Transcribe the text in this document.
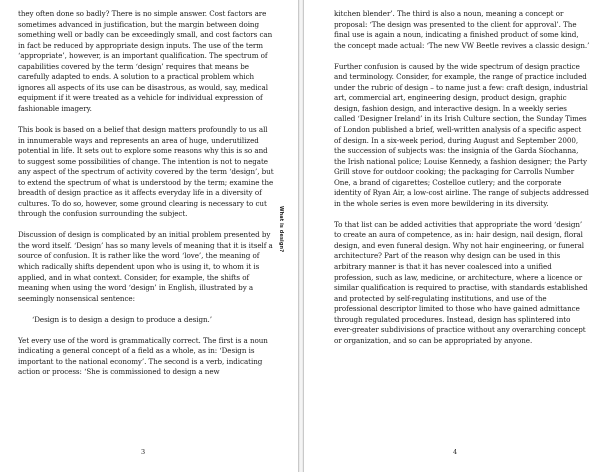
they often done so badly? There is no simple answer. Cost factors are sometimes advanced in justification, but the margin between doing something well or badly can be exceedingly small, and cost factors can in fact be reduced by appropriate design inputs. The use of the term ‘appropriate’, however, is an important qualification. The spectrum of capabilities covered by the term ‘design’ requires that means be carefully adapted to ends. A solution to a practical problem which ignores all aspects of its use can be disastrous, as would, say, medical equipment if it were treated as a vehicle for individual expression of fashionable imagery.

This book is based on a belief that design matters profoundly to us all in innumerable ways and represents an area of huge, underutilized potential in life. It sets out to explore some reasons why this is so and to suggest some possibilities of change. The intention is not to negate any aspect of the spectrum of activity covered by the term ‘design’, but to extend the spectrum of what is understood by the term; examine the breadth of design practice as it affects everyday life in a diversity of cultures. To do so, however, some ground clearing is necessary to cut through the confusion surrounding the subject.

Discussion of design is complicated by an initial problem presented by the word itself. ‘Design’ has so many levels of meaning that it is itself a source of confusion. It is rather like the word ‘love’, the meaning of which radically shifts dependent upon who is using it, to whom it is applied, and in what context. Consider, for example, the shifts of meaning when using the word ‘design’ in English, illustrated by a seemingly nonsensical sentence:

‘Design is to design a design to produce a design.’

Yet every use of the word is grammatically correct. The first is a noun indicating a general concept of a field as a whole, as in: ‘Design is important to the national economy’. The second is a verb, indicating action or process: ‘She is commissioned to design a new

3
What is design?

kitchen blender’. The third is also a noun, meaning a concept or proposal: ‘The design was presented to the client for approval’. The final use is again a noun, indicating a finished product of some kind, the concept made actual: ‘The new VW Beetle revives a classic design.’

Further confusion is caused by the wide spectrum of design practice and terminology. Consider, for example, the range of practice included under the rubric of design – to name just a few: craft design, industrial art, commercial art, engineering design, product design, graphic design, fashion design, and interactive design. In a weekly series called ‘Designer Ireland’ in its Irish Culture section, the Sunday Times of London published a brief, well-written analysis of a specific aspect of design. In a six-week period, during August and September 2000, the succession of subjects was: the insignia of the Garda Síochanna, the Irish national police; Louise Kennedy, a fashion designer; the Party Grill stove for outdoor cooking; the packaging for Carrolls Number One, a brand of cigarettes; Costelloe cutlery; and the corporate identity of Ryan Air, a low-cost airline. The range of subjects addressed in the whole series is even more bewildering in its diversity.

To that list can be added activities that appropriate the word ‘design’ to create an aura of competence, as in: hair design, nail design, floral design, and even funeral design. Why not hair engineering, or funeral architecture? Part of the reason why design can be used in this arbitrary manner is that it has never coalesced into a unified profession, such as law, medicine, or architecture, where a licence or similar qualification is required to practise, with standards established and protected by self-regulating institutions, and use of the professional descriptor limited to those who have gained admittance through regulated procedures. Instead, design has splintered into ever-greater subdivisions of practice without any overarching concept or organization, and so can be appropriated by anyone.

4
